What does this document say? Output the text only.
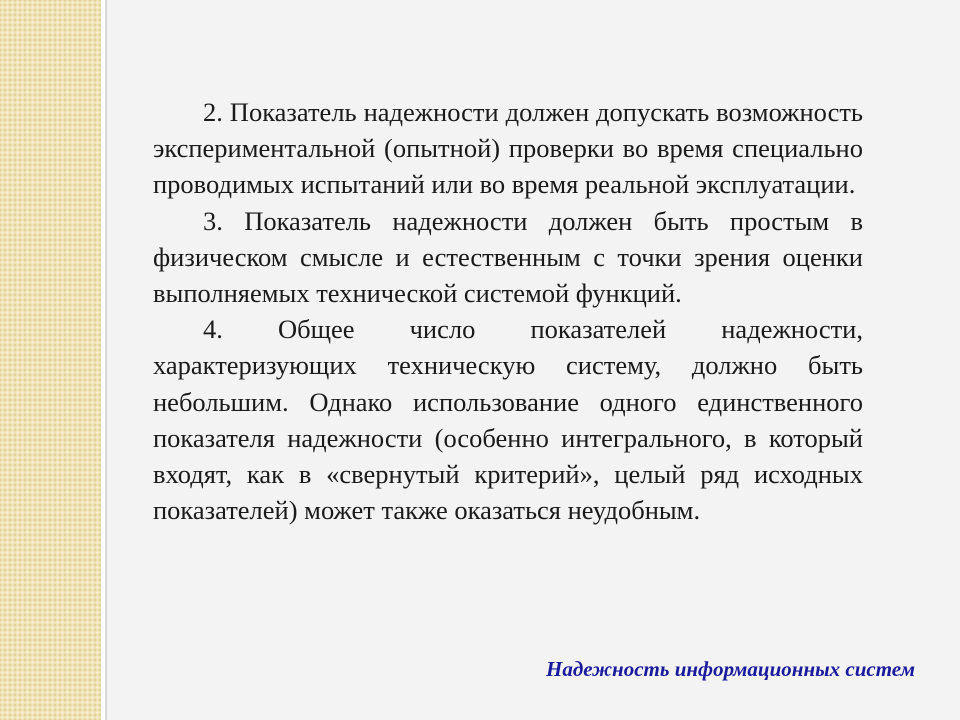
2. Показатель надежности должен допускать возможность экспериментальной (опытной) проверки во время специально проводимых испытаний или во время реальной эксплуатации.

3. Показатель надежности должен быть простым в физическом смысле и естественным с точки зрения оценки выполняемых технической системой функций.

4. Общее число показателей надежности, характеризующих техническую систему, должно быть небольшим. Однако использование одного единственного показателя надежности (особенно интегрального, в который входят, как в «свернутый критерий», целый ряд исходных показателей) может также оказаться неудобным.

Надежность информационных систем
